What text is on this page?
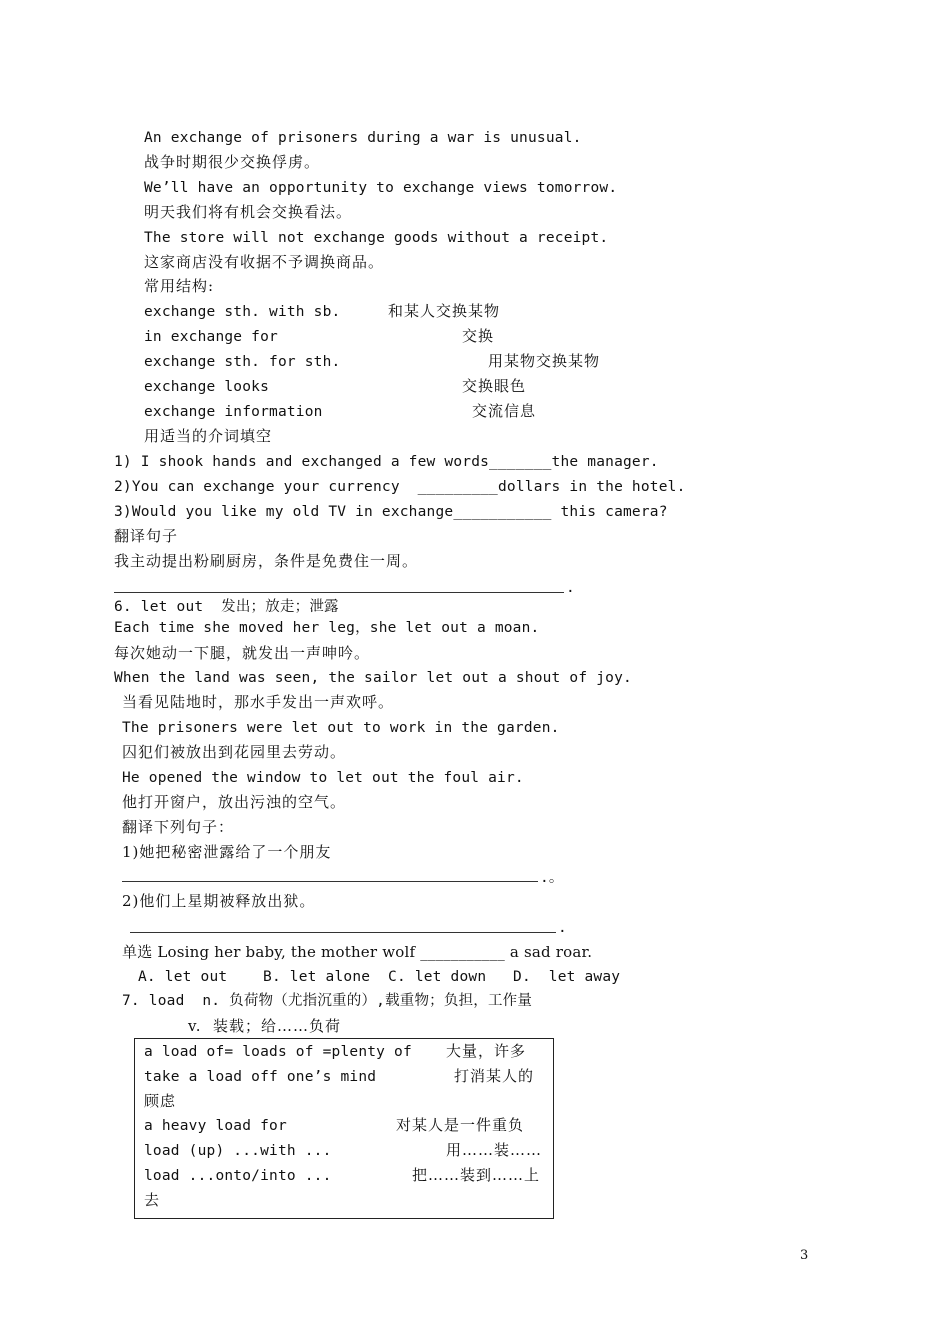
An exchange of prisoners during a war is unusual.
战争时期很少交换俘虏。
We’ll have an opportunity to exchange views tomorrow.
明天我们将有机会交换看法。
The store will not exchange goods without a receipt.
这家商店没有收据不予调换商品。
常用结构:
exchange sth. with sb.	和某人交换某物
in exchange for	交换
exchange sth. for sth.	用某物交换某物
exchange looks	交换眼色
exchange information	交流信息
用适当的介词填空
1) I shook hands and exchanged a few words_______the manager.
2)You can exchange your currency  _________dollars in the hotel.
3)Would you like my old TV in exchange___________ this camera?
翻译句子
我主动提出粉刷厨房，条件是免费住一周。
.
6. let out  发出；放走；泄露
Each time she moved her leg，she let out a moan.
每次她动一下腿，就发出一声呻吟。
When the land was seen, the sailor let out a shout of joy.
当看见陆地时，那水手发出一声欢呼。
The prisoners were let out to work in the garden.
囚犯们被放出到花园里去劳动。
He opened the window to let out the foul air.
他打开窗户，放出污浊的空气。
翻译下列句子：
1)她把秘密泄露给了一个朋友
.。
2)他们上星期被释放出狱。
.
单选 Losing her baby, the mother wolf ___________ a sad roar.
A. let out    B. let alone  C. let down   D.  let away
7. load  n. 负荷物（尤指沉重的）,载重物；负担，工作量
v.  装载；给……负荷
a load of= loads of =plenty of 大量，许多
take a load off one’s mind	打消某人的
顾虑
a heavy load for	对某人是一件重负
load (up) ...with ...	用……装……
load ...onto/into ...	把……装到……上
去
3
